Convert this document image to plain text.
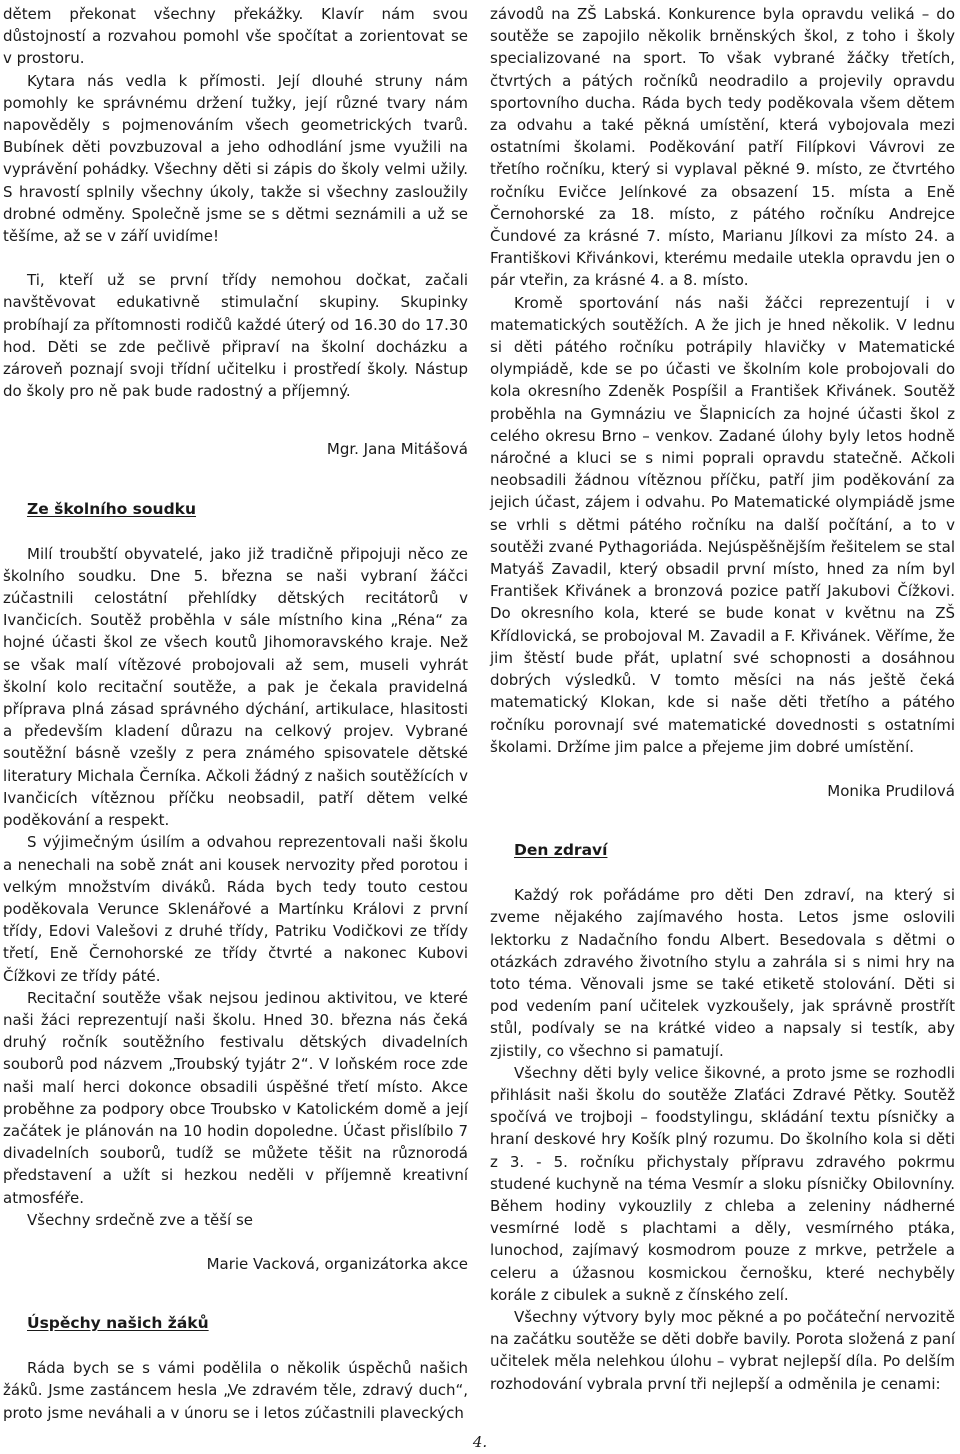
dětem překonat všechny překážky. Klavír nám svou důstojností a rozvahou pomohl vše spočítat a zorientovat se v prostoru.

Kytara nás vedla k přímosti. Její dlouhé struny nám pomohly ke správnému držení tužky, její různé tvary nám napověděly s pojmenováním všech geometrických tvarů. Bubínek děti povzbuzoval a jeho odhodlání jsme využili na vyprávění pohádky. Všechny děti si zápis do školy velmi užily. S hravostí splnily všechny úkoly, takže si všechny zasloužily drobné odměny. Společně jsme se s dětmi seznámili a už se těšíme, až se v září uvidíme!

Ti, kteří už se první třídy nemohou dočkat, začali navštěvovat edukativně stimulační skupiny. Skupinky probíhají za přítomnosti rodičů každé úterý od 16.30 do 17.30 hod. Děti se zde pečlivě připraví na školní docházku a zároveň poznají svoji třídní učitelku i prostředí školy. Nástup do školy pro ně pak bude radostný a příjemný.

Mgr. Jana Mitášová

Ze školního soudku

Milí troubští obyvatelé, jako již tradičně připojuji něco ze školního soudku. Dne 5. března se naši vybraní žáčci zúčastnili celostátní přehlídky dětských recitátorů v Ivančicích. Soutěž proběhla v sále místního kina „Réna“ za hojné účasti škol ze všech koutů Jihomoravského kraje. Než se však malí vítězové probojovali až sem, museli vyhrát školní kolo recitační soutěže, a pak je čekala pravidelná příprava plná zásad správného dýchání, artikulace, hlasitosti a především kladení důrazu na celkový projev. Vybrané soutěžní básně vzešly z pera známého spisovatele dětské literatury Michala Černíka. Ačkoli žádný z našich soutěžících v Ivančicích vítěznou příčku neobsadil, patří dětem velké poděkování a respekt.

S výjimečným úsilím a odvahou reprezentovali naši školu a nenechali na sobě znát ani kousek nervozity před porotou i velkým množstvím diváků. Ráda bych tedy touto cestou poděkovala Verunce Sklenářové a Martínku Královi z první třídy, Edovi Valešovi z druhé třídy, Patriku Vodičkovi ze třídy třetí, Eně Černohorské ze třídy čtvrté a nakonec Kubovi Čížkovi ze třídy páté.

Recitační soutěže však nejsou jedinou aktivitou, ve které naši žáci reprezentují naši školu. Hned 30. března nás čeká druhý ročník soutěžního festivalu dětských divadelních souborů pod názvem „Troubský tyjátr 2“. V loňském roce zde naši malí herci dokonce obsadili úspěšné třetí místo. Akce proběhne za podpory obce Troubsko v Katolickém domě a její začátek je plánován na 10 hodin dopoledne. Účast přislíbilo 7 divadelních souborů, tudíž se můžete těšit na různorodá představení a užít si hezkou neděli v příjemně kreativní atmosféře.

Všechny srdečně zve a těší se

Marie Vacková, organizátorka akce

Úspěchy našich žáků

Ráda bych se s vámi podělila o několik úspěchů našich žáků. Jsme zastáncem hesla „Ve zdravém těle, zdravý duch“, proto jsme neváhali a v únoru se i letos zúčastnili plaveckých

závodů na ZŠ Labská. Konkurence byla opravdu veliká – do soutěže se zapojilo několik brněnských škol, z toho i školy specializované na sport. To však vybrané žáčky třetích, čtvrtých a pátých ročníků neodradilo a projevily opravdu sportovního ducha. Ráda bych tedy poděkovala všem dětem za odvahu a také pěkná umístění, která vybojovala mezi ostatními školami. Poděkování patří Filípkovi Vávrovi ze třetího ročníku, který si vyplaval pěkné 9. místo, ze čtvrtého ročníku Evičce Jelínkové za obsazení 15. místa a Eně Černohorské za 18. místo, z pátého ročníku Andrejce Čundové za krásné 7. místo, Marianu Jílkovi za místo 24. a Františkovi Křivánkovi, kterému medaile utekla opravdu jen o pár vteřin, za krásné 4. a 8. místo.

Kromě sportování nás naši žáčci reprezentují i v matematických soutěžích. A že jich je hned několik. V lednu si děti pátého ročníku potrápily hlavičky v Matematické olympiádě, kde se po účasti ve školním kole probojovali do kola okresního Zdeněk Pospíšil a František Křivánek. Soutěž proběhla na Gymnáziu ve Šlapnicích za hojné účasti škol z celého okresu Brno – venkov. Zadané úlohy byly letos hodně náročné a kluci se s nimi poprali opravdu statečně. Ačkoli neobsadili žádnou vítěznou příčku, patří jim poděkování za jejich účast, zájem i odvahu. Po Matematické olympiádě jsme se vrhli s dětmi pátého ročníku na další počítání, a to v soutěži zvané Pythagoriáda. Nejúspěšnějším řešitelem se stal Matyáš Zavadil, který obsadil první místo, hned za ním byl František Křivánek a bronzová pozice patří Jakubovi Čížkovi. Do okresního kola, které se bude konat v květnu na ZŠ Křídlovická, se probojoval M. Zavadil a F. Křivánek. Věříme, že jim štěstí bude přát, uplatní své schopnosti a dosáhnou dobrých výsledků. V tomto měsíci na nás ještě čeká matematický Klokan, kde si naše děti třetího a pátého ročníku porovnají své matematické dovednosti s ostatními školami. Držíme jim palce a přejeme jim dobré umístění.

Monika Prudilová

Den zdraví

Každý rok pořádáme pro děti Den zdraví, na který si zveme nějakého zajímavého hosta. Letos jsme oslovili lektorku z Nadačního fondu Albert. Besedovala s dětmi o otázkách zdravého životního stylu a zahrála si s nimi hry na toto téma. Věnovali jsme se také etiketě stolování. Děti si pod vedením paní učitelek vyzkoušely, jak správně prostřít stůl, podívaly se na krátké video a napsaly si testík, aby zjistily, co všechno si pamatují.

Všechny děti byly velice šikovné, a proto jsme se rozhodli přihlásit naši školu do soutěže Zlaťáci Zdravé Pětky. Soutěž spočívá ve trojboji – foodstylingu, skládání textu písničky a hraní deskové hry Košík plný rozumu. Do školního kola si děti z 3. - 5. ročníku přichystaly přípravu zdravého pokrmu studené kuchyně na téma Vesmír a sloku písničky Obilovníny. Během hodiny vykouzlily z chleba a zeleniny nádherné vesmírné lodě s plachtami a děly, vesmírného ptáka, lunochod, zajímavý kosmodrom pouze z mrkve, petržele a celeru a úžasnou kosmickou černošku, které nechyběly korále z cibulek a sukně z čínského zelí.

Všechny výtvory byly moc pěkné a po počáteční nervozitě na začátku soutěže se děti dobře bavily. Porota složená z paní učitelek měla nelehkou úlohu – vybrat nejlepší díla. Po delším rozhodování vybrala první tři nejlepší a odměnila je cenami:

4.
